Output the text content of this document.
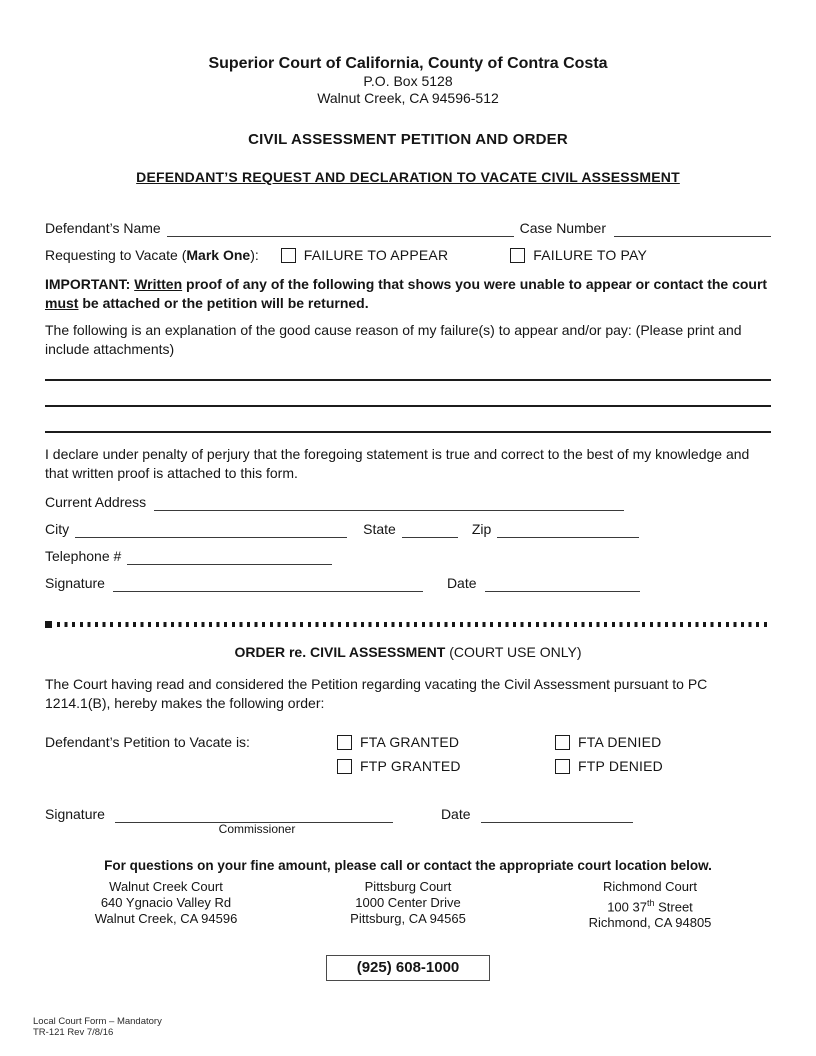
Superior Court of California, County of Contra Costa
P.O. Box 5128
Walnut Creek, CA 94596-512
CIVIL ASSESSMENT PETITION AND ORDER
DEFENDANT’S REQUEST AND DECLARATION TO VACATE CIVIL ASSESSMENT
Defendant’s Name	Case Number
Requesting to Vacate (Mark One):	FAILURE TO APPEAR	FAILURE TO PAY
IMPORTANT: Written proof of any of the following that shows you were unable to appear or contact the court must be attached or the petition will be returned.
The following is an explanation of the good cause reason of my failure(s) to appear and/or pay: (Please print and include attachments)
I declare under penalty of perjury that the foregoing statement is true and correct to the best of my knowledge and that written proof is attached to this form.
Current Address
City	State	Zip
Telephone #
Signature	Date
ORDER re. CIVIL ASSESSMENT (COURT USE ONLY)
The Court having read and considered the Petition regarding vacating the Civil Assessment pursuant to PC 1214.1(B), hereby makes the following order:
Defendant’s Petition to Vacate is:	FTA GRANTED	FTA DENIED
FTP GRANTED	FTP DENIED
Signature	Date
Commissioner
For questions on your fine amount, please call or contact the appropriate court location below.
Walnut Creek Court
640 Ygnacio Valley Rd
Walnut Creek, CA 94596
Pittsburg Court
1000 Center Drive
Pittsburg, CA 94565
Richmond Court
100 37th Street
Richmond, CA 94805
(925) 608-1000
Local Court Form – Mandatory
TR-121 Rev 7/8/16
